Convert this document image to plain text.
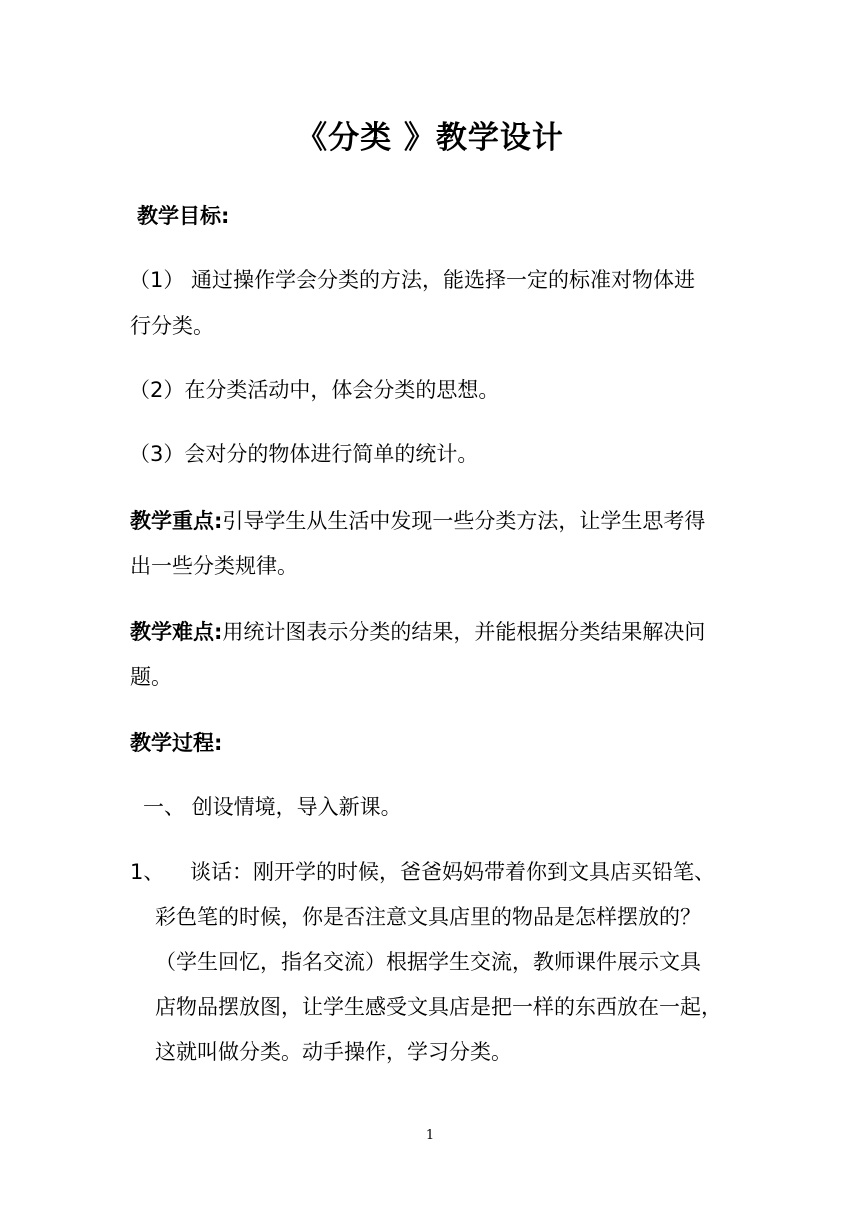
《分类 》教学设计
教学目标:
（1） 通过操作学会分类的方法，能选择一定的标准对物体进
行分类。
（2）在分类活动中，体会分类的思想。
（3）会对分的物体进行简单的统计。
教学重点:引导学生从生活中发现一些分类方法，让学生思考得
出一些分类规律。
教学难点:用统计图表示分类的结果，并能根据分类结果解决问
题。
教学过程:
一、 创设情境，导入新课。
1、 谈话：刚开学的时候，爸爸妈妈带着你到文具店买铅笔、
彩色笔的时候，你是否注意文具店里的物品是怎样摆放的？
（学生回忆，指名交流）根据学生交流，教师课件展示文具
店物品摆放图，让学生感受文具店是把一样的东西放在一起，
这就叫做分类。动手操作，学习分类。
1
